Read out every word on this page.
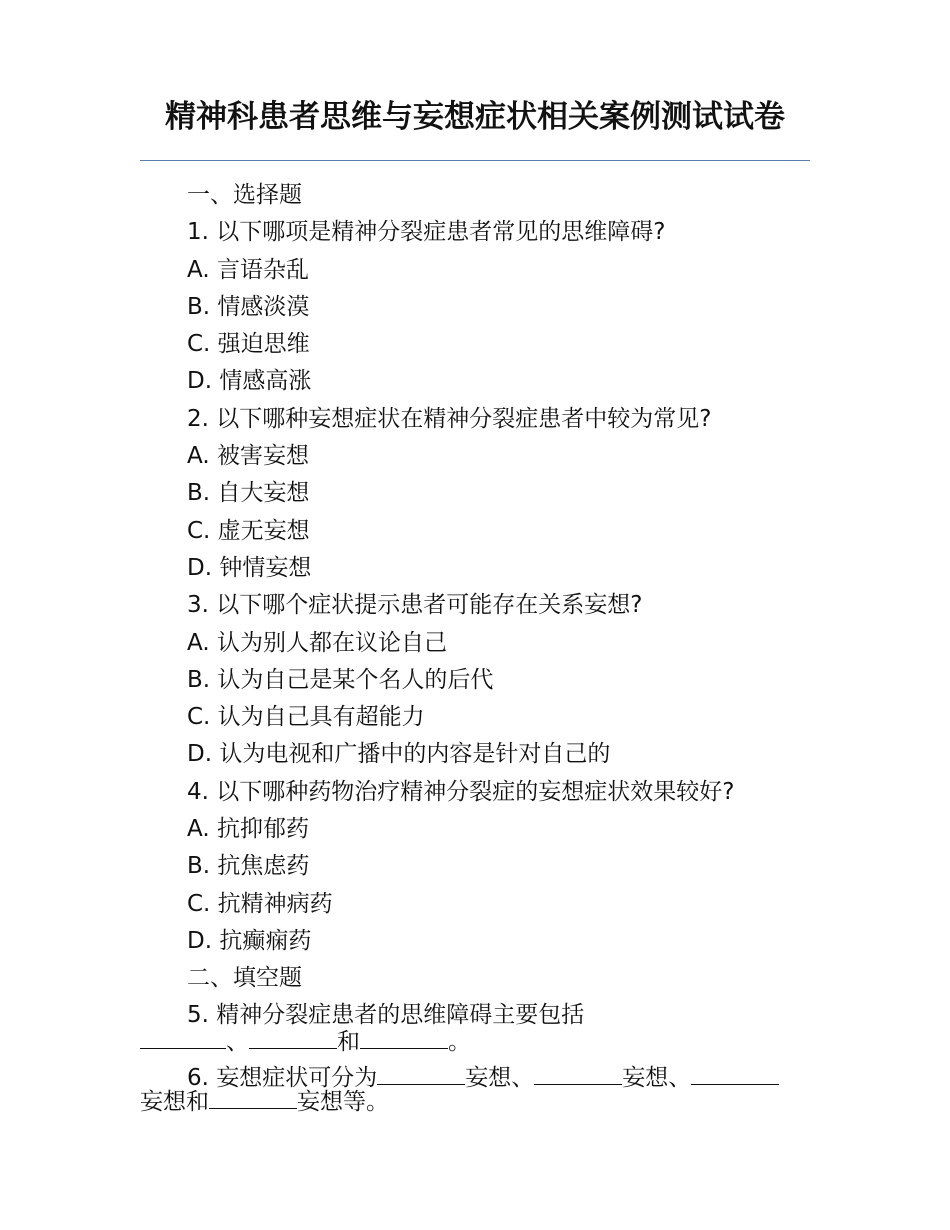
精神科患者思维与妄想症状相关案例测试试卷
一、选择题
1. 以下哪项是精神分裂症患者常见的思维障碍?
A. 言语杂乱
B. 情感淡漠
C. 强迫思维
D. 情感高涨
2. 以下哪种妄想症状在精神分裂症患者中较为常见?
A. 被害妄想
B. 自大妄想
C. 虚无妄想
D. 钟情妄想
3. 以下哪个症状提示患者可能存在关系妄想?
A. 认为别人都在议论自己
B. 认为自己是某个名人的后代
C. 认为自己具有超能力
D. 认为电视和广播中的内容是针对自己的
4. 以下哪种药物治疗精神分裂症的妄想症状效果较好?
A. 抗抑郁药
B. 抗焦虑药
C. 抗精神病药
D. 抗癫痫药
二、填空题
5. 精神分裂症患者的思维障碍主要包括
、	和	。
6. 妄想症状可分为	妄想、	妄想、
妄想和	妄想等。
